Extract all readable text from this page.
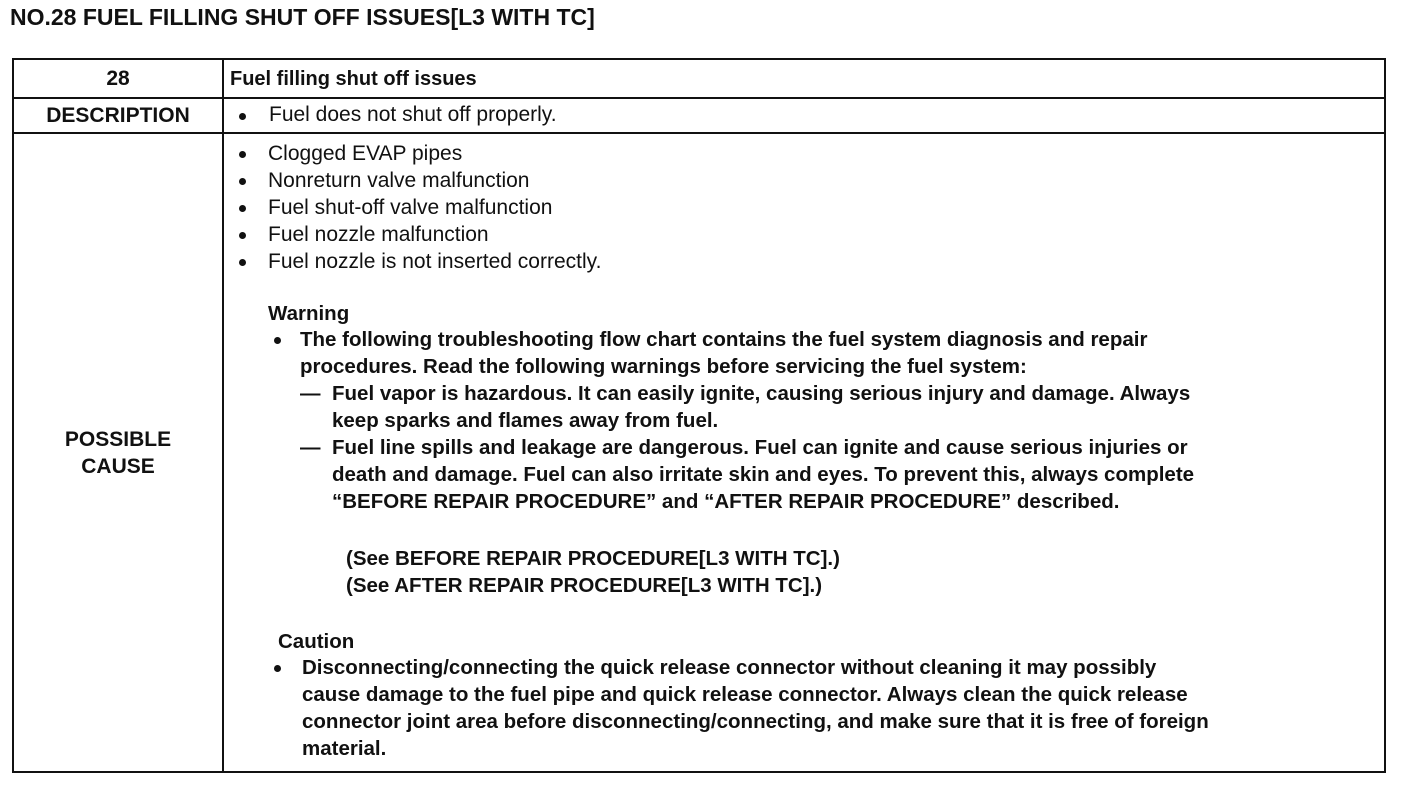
NO.28 FUEL FILLING SHUT OFF ISSUES[L3 WITH TC]
28	Fuel filling shut off issues
DESCRIPTION	Fuel does not shut off properly.
POSSIBLE
CAUSE
Clogged EVAP pipes
Nonreturn valve malfunction
Fuel shut-off valve malfunction
Fuel nozzle malfunction
Fuel nozzle is not inserted correctly.
Warning
The following troubleshooting flow chart contains the fuel system diagnosis and repair
procedures. Read the following warnings before servicing the fuel system:
— Fuel vapor is hazardous. It can easily ignite, causing serious injury and damage. Always
keep sparks and flames away from fuel.
— Fuel line spills and leakage are dangerous. Fuel can ignite and cause serious injuries or
death and damage. Fuel can also irritate skin and eyes. To prevent this, always complete
“BEFORE REPAIR PROCEDURE” and “AFTER REPAIR PROCEDURE” described.
(See BEFORE REPAIR PROCEDURE[L3 WITH TC].)
(See AFTER REPAIR PROCEDURE[L3 WITH TC].)
Caution
Disconnecting/connecting the quick release connector without cleaning it may possibly
cause damage to the fuel pipe and quick release connector. Always clean the quick release
connector joint area before disconnecting/connecting, and make sure that it is free of foreign
material.
